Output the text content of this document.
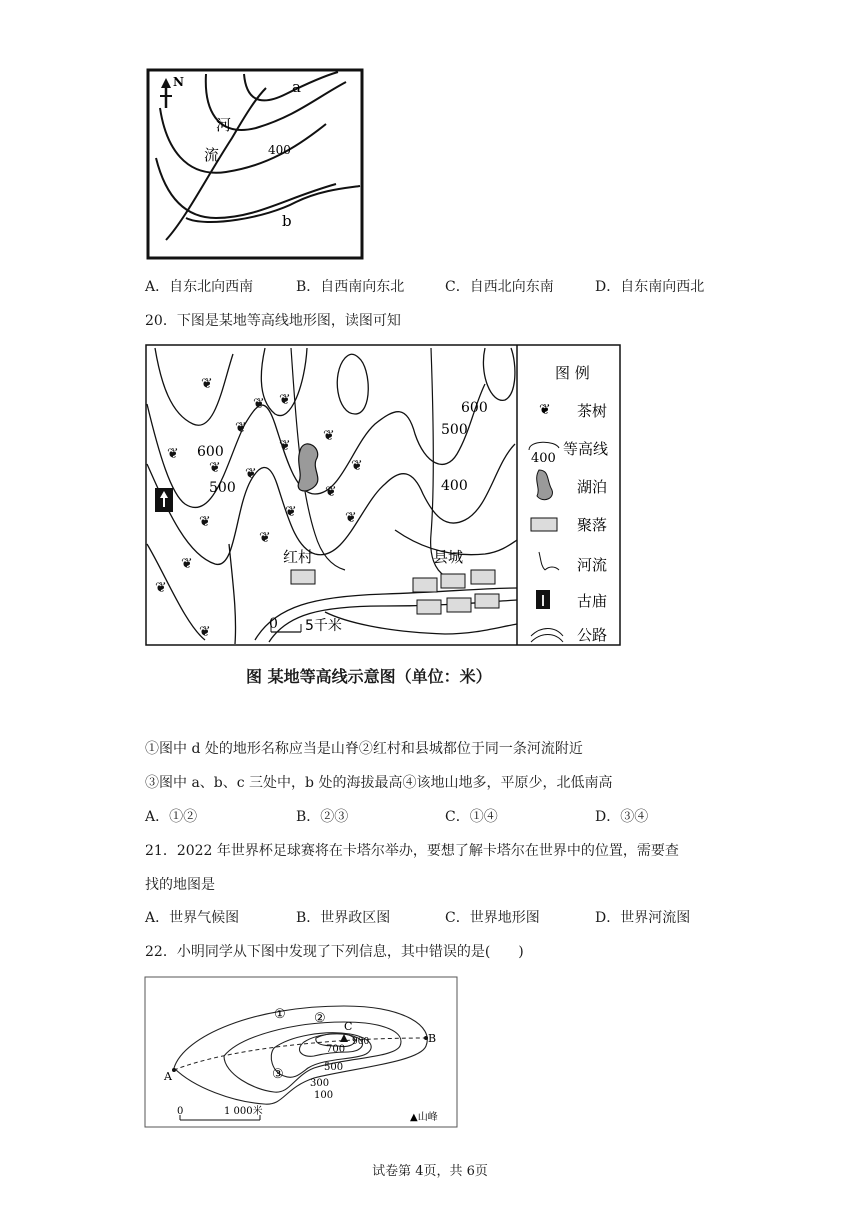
N	a
b
河
流	400
A．自东北向西南	B．自西南向东北	C．自西北向东南	D．自东南向西北
20．下图是某地等高线地形图，读图可知
❦
❦ ❦
❦
❦
❦
❦
❦
❦
❦
❦
❦
❦	❦
❦
❦
❦
❦
0 5千米
600
500
600
500
400
红村	县城
图 例
❦ 茶树
400
等高线
湖泊
聚落
河流
古庙
公路
图 某地等高线示意图（单位：米）
①图中 d 处的地形名称应当是山脊②红村和县城都位于同一条河流附近
③图中 a、b、c 三处中，b 处的海拔最高④该地山地多，平原少，北低南高
A．①②	B．②③	C．①④	D．③④
21．2022 年世界杯足球赛将在卡塔尔举办，要想了解卡塔尔在世界中的位置，需要查
找的地图是
A．世界气候图	B．世界政区图	C．世界地形图	D．世界河流图
22．小明同学从下图中发现了下列信息，其中错误的是(　　)
A
B
C
① ②
③
900
700
500
300
100
0	1 000米
▲山峰
试卷第 4页，共 6页
